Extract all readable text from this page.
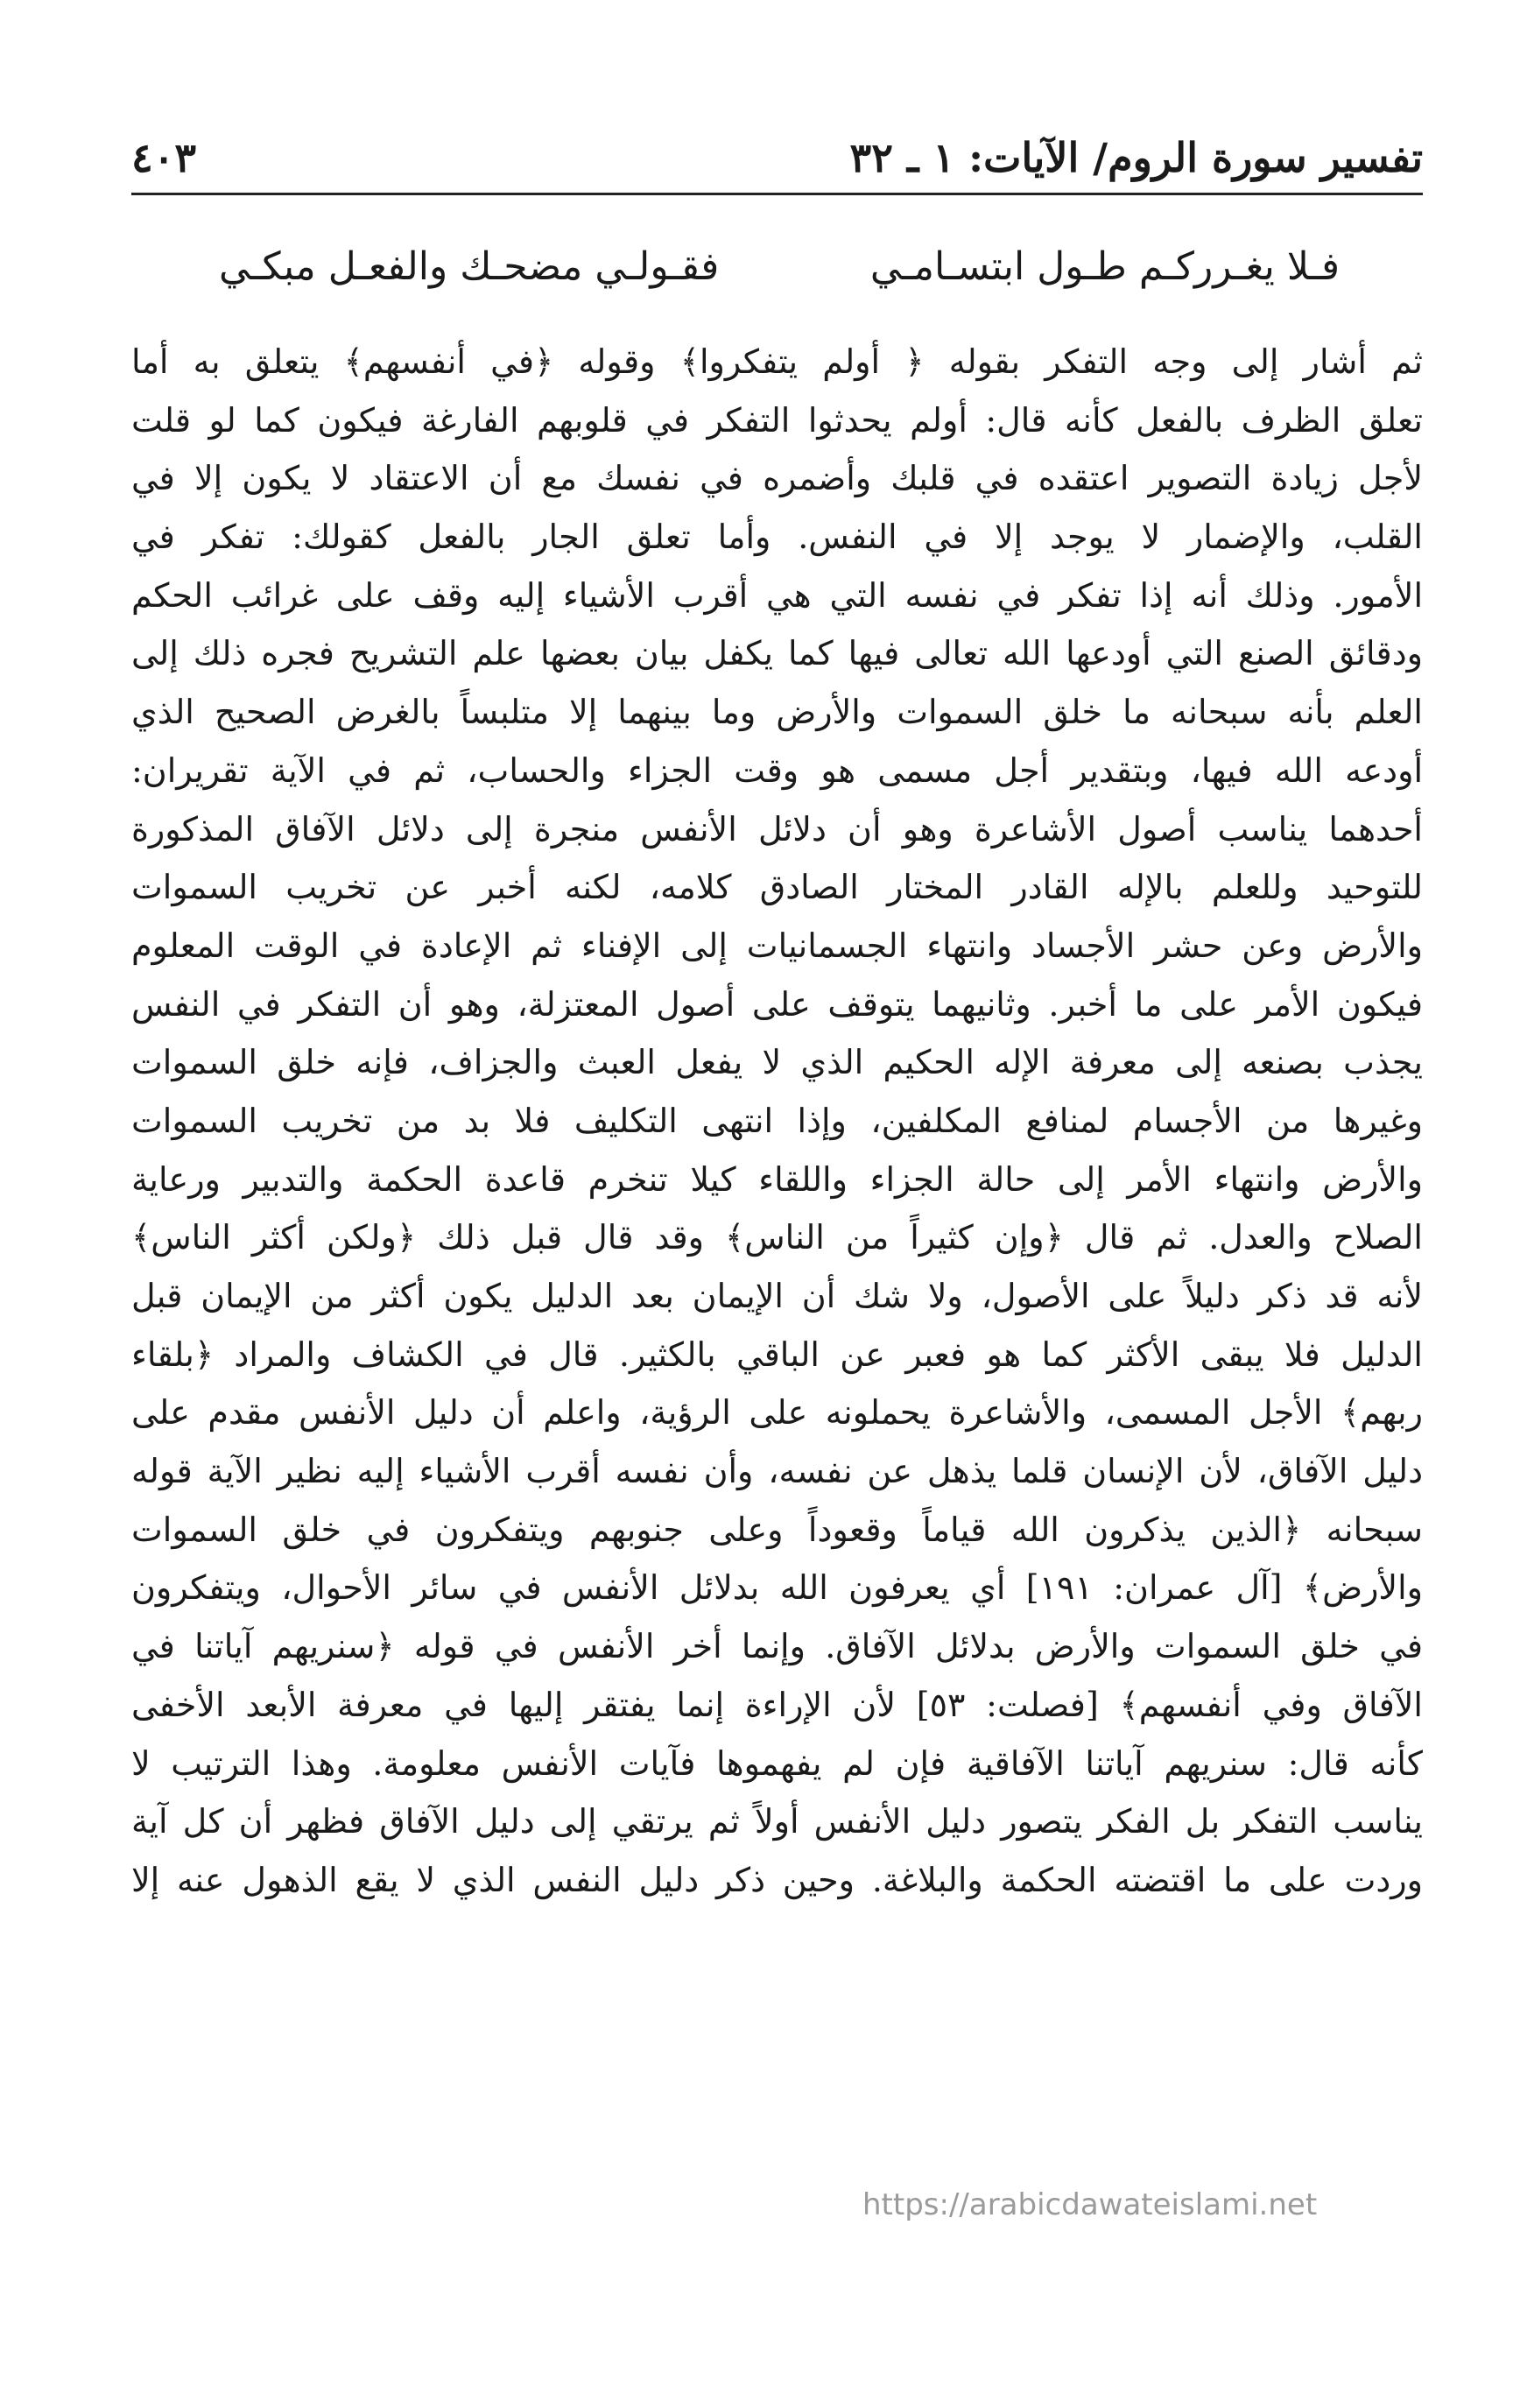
تفسير سورة الروم/ الآيات: ١ ـ ٣٢
٤٠٣
فـلا يغـرركـم طـول ابتسـامـي
فقـولـي مضحـك والفعـل مبكـي
ثم أشار إلى وجه التفكر بقوله ﴿ أولم يتفكروا﴾ وقوله ﴿في أنفسهم﴾ يتعلق به أما
تعلق الظرف بالفعل كأنه قال: أولم يحدثوا التفكر في قلوبهم الفارغة فيكون كما لو قلت
لأجل زيادة التصوير اعتقده في قلبك وأضمره في نفسك مع أن الاعتقاد لا يكون إلا في
القلب، والإضمار لا يوجد إلا في النفس. وأما تعلق الجار بالفعل كقولك: تفكر في
الأمور. وذلك أنه إذا تفكر في نفسه التي هي أقرب الأشياء إليه وقف على غرائب الحكم
ودقائق الصنع التي أودعها الله تعالى فيها كما يكفل بيان بعضها علم التشريح فجره ذلك إلى
العلم بأنه سبحانه ما خلق السموات والأرض وما بينهما إلا متلبساً بالغرض الصحيح الذي
أودعه الله فيها، وبتقدير أجل مسمى هو وقت الجزاء والحساب، ثم في الآية تقريران:
أحدهما يناسب أصول الأشاعرة وهو أن دلائل الأنفس منجرة إلى دلائل الآفاق المذكورة
للتوحيد وللعلم بالإله القادر المختار الصادق كلامه، لكنه أخبر عن تخريب السموات
والأرض وعن حشر الأجساد وانتهاء الجسمانيات إلى الإفناء ثم الإعادة في الوقت المعلوم
فيكون الأمر على ما أخبر. وثانيهما يتوقف على أصول المعتزلة، وهو أن التفكر في النفس
يجذب بصنعه إلى معرفة الإله الحكيم الذي لا يفعل العبث والجزاف، فإنه خلق السموات
وغيرها من الأجسام لمنافع المكلفين، وإذا انتهى التكليف فلا بد من تخريب السموات
والأرض وانتهاء الأمر إلى حالة الجزاء واللقاء كيلا تنخرم قاعدة الحكمة والتدبير ورعاية
الصلاح والعدل. ثم قال ﴿وإن كثيراً من الناس﴾ وقد قال قبل ذلك ﴿ولكن أكثر الناس﴾
لأنه قد ذكر دليلاً على الأصول، ولا شك أن الإيمان بعد الدليل يكون أكثر من الإيمان قبل
الدليل فلا يبقى الأكثر كما هو فعبر عن الباقي بالكثير. قال في الكشاف والمراد ﴿بلقاء
ربهم﴾ الأجل المسمى، والأشاعرة يحملونه على الرؤية، واعلم أن دليل الأنفس مقدم على
دليل الآفاق، لأن الإنسان قلما يذهل عن نفسه، وأن نفسه أقرب الأشياء إليه نظير الآية قوله
سبحانه ﴿الذين يذكرون الله قياماً وقعوداً وعلى جنوبهم ويتفكرون في خلق السموات
والأرض﴾ [آل عمران: ١٩١] أي يعرفون الله بدلائل الأنفس في سائر الأحوال، ويتفكرون
في خلق السموات والأرض بدلائل الآفاق. وإنما أخر الأنفس في قوله ﴿سنريهم آياتنا في
الآفاق وفي أنفسهم﴾ [فصلت: ٥٣] لأن الإراءة إنما يفتقر إليها في معرفة الأبعد الأخفى
كأنه قال: سنريهم آياتنا الآفاقية فإن لم يفهموها فآيات الأنفس معلومة. وهذا الترتيب لا
يناسب التفكر بل الفكر يتصور دليل الأنفس أولاً ثم يرتقي إلى دليل الآفاق فظهر أن كل آية
وردت على ما اقتضته الحكمة والبلاغة. وحين ذكر دليل النفس الذي لا يقع الذهول عنه إلا
https://arabicdawateislami.net
